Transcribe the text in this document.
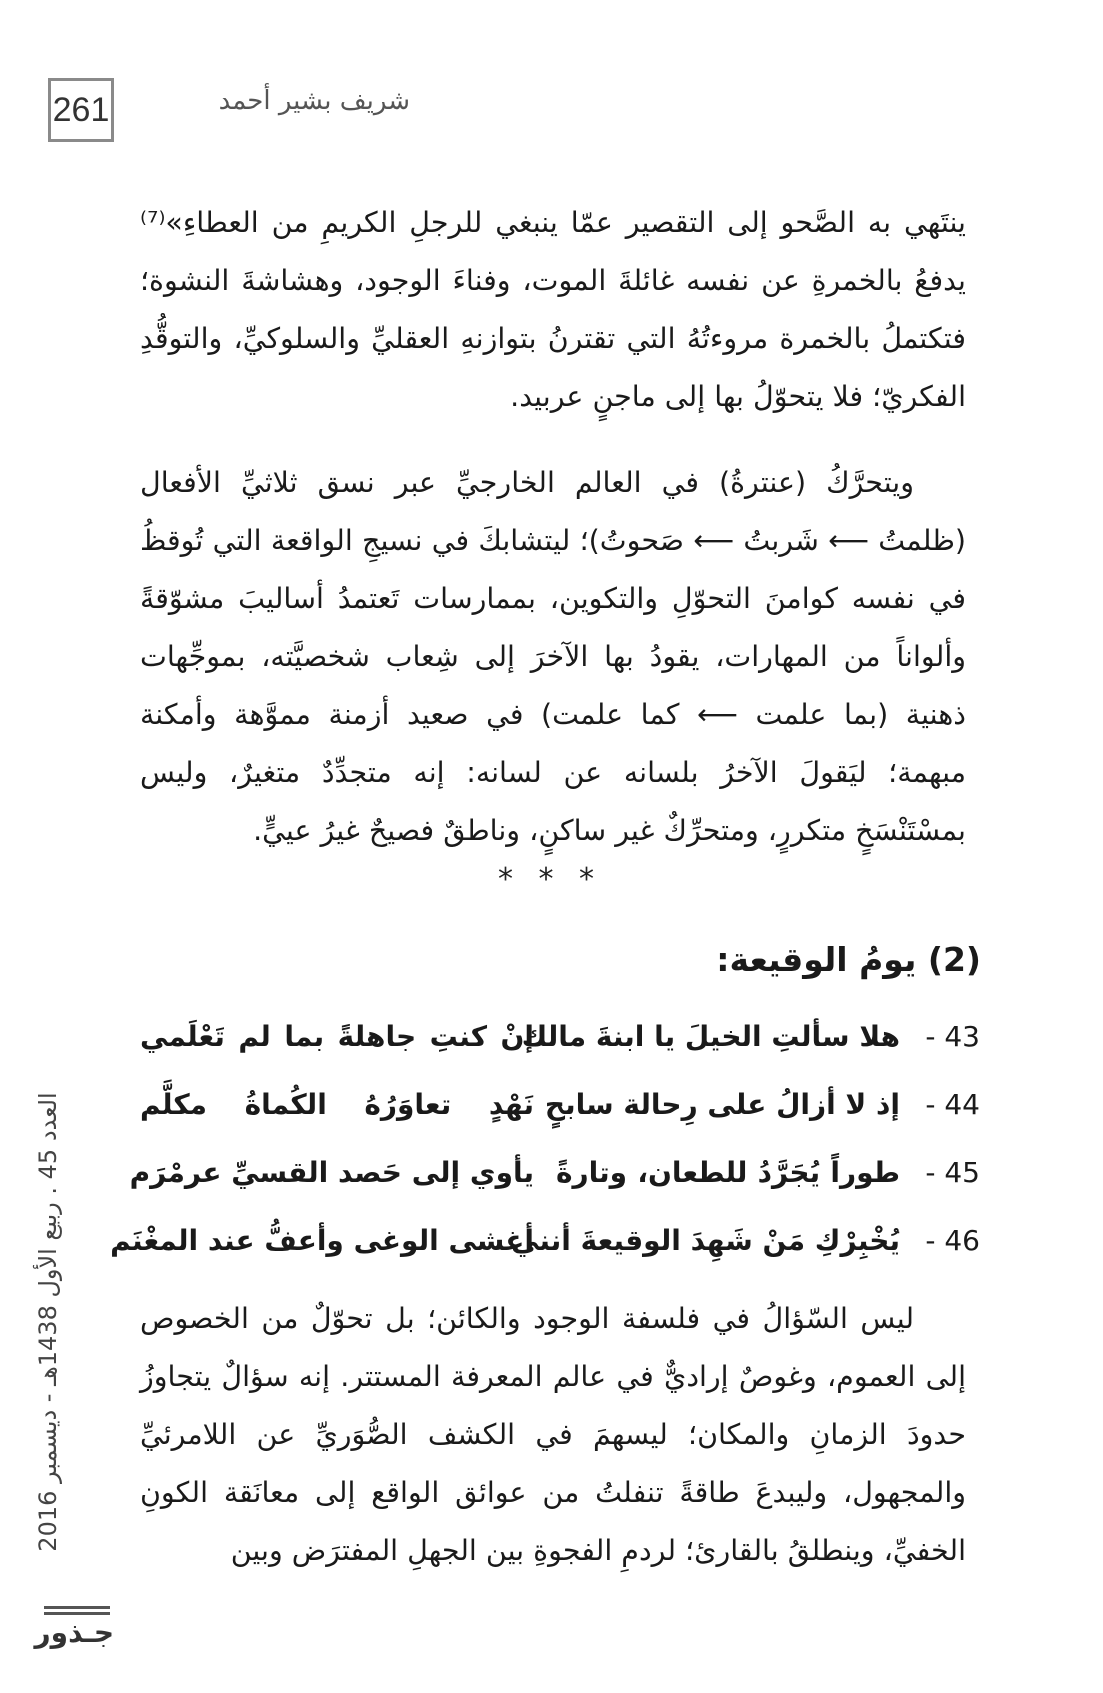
261	شريف بشير أحمد

ينتَهي به الصَّحو إلى التقصير عمّا ينبغي للرجلِ الكريمِ من العطاءِ»⁽⁷⁾ يدفعُ بالخمرةِ عن نفسه غائلةَ الموت، وفناءَ الوجود، وهشاشةَ النشوة؛ فتكتملُ بالخمرة مروءتُهُ التي تقترنُ بتوازنهِ العقليِّ والسلوكيِّ، والتوقُّدِ الفكريّ؛ فلا يتحوّلُ بها إلى ماجنٍ عربيد.

ويتحرَّكُ (عنترةُ) في العالم الخارجيِّ عبر نسق ثلاثيِّ الأفعال (ظلمتُ ⟵ شَربتُ ⟵ صَحوتُ)؛ ليتشابكَ في نسيجِ الواقعة التي تُوقظُ في نفسه كوامنَ التحوّلِ والتكوين، بممارسات تَعتمدُ أساليبَ مشوّقةً وألواناً من المهارات، يقودُ بها الآخرَ إلى شِعاب شخصيَّته، بموجِّهات ذهنية (بما علمت ⟵ كما علمت) في صعيد أزمنة مموَّهة وأمكنة مبهمة؛ ليَقولَ الآخرُ بلسانه عن لسانه: إنه متجدِّدٌ متغيرٌ، وليس بمسْتَنْسَخٍ متكررٍ، ومتحرِّكٌ غير ساكنٍ، وناطقٌ فصيحٌ غيرُ عييٍّ.

* * *
(2) يومُ الوقيعة:
43 -
هلا سألتِ الخيلَ يا ابنةَ مالك
إنْ كنتِ جاهلةً بما لم تَعْلَمي
44 -
إذ لا أزالُ على رِحالة سابحٍ
نَهْدٍ تعاوَرُهُ الكُماةُ مكلَّم
45 -
طوراً يُجَرَّدُ للطعان، وتارةً
يأوي إلى حَصد القسيِّ عرمْرَم
46 -
يُخْبِرْكِ مَنْ شَهِدَ الوقيعةَ أنني
أغشى الوغى وأعفُّ عند المغْنَم

ليس السّؤالُ في فلسفة الوجود والكائن؛ بل تحوّلٌ من الخصوص إلى العموم، وغوصٌ إراديٌّ في عالم المعرفة المستتر. إنه سؤالٌ يتجاوزُ حدودَ الزمانِ والمكان؛ ليسهمَ في الكشف الصُّوَريِّ عن اللامرئيِّ والمجهول، وليبدعَ طاقةً تنفلتُ من عوائق الواقع إلى معانَقة الكونِ الخفيِّ، وينطلقُ بالقارئ؛ لردمِ الفجوةِ بين الجهلِ المفترَض وبين

العدد 45 . ربيع الأول 1438هـ - ديسمبر 2016
جـذور
